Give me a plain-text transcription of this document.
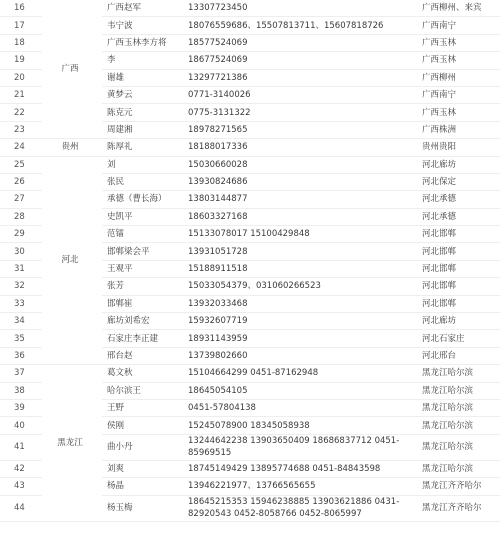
16	广西	广西赵军	13307723450	广西柳州、来宾
17		韦宁波	18076559686、15507813711、15607818726	广西南宁
18		广西玉林李方将	18577524069	广西玉林
19		李	18677524069	广西玉林
20		谢雄	13297721386	广西柳州
21		黄梦云	0771-3140026	广西南宁
22		陈克元	0775-3131322	广西玉林
23		周建湘	18978271565	广西株洲
24	贵州	陈厚礼	18188017336	贵州贵阳
25	河北	刘	15030660028	河北廊坊
26		张民	13930824686	河北保定
27		承德（曹长海）	13803144877	河北承德
28		史凯平	18603327168	河北承德
29		范镭	15133078017 15100429848	河北邯郸
30		邯郸梁会平	13931051728	河北邯郸
31		王观平	15188911518	河北邯郸
32		张芳	15033054379、031060266523	河北邯郸
33		邯郸崔	13932033468	河北邯郸
34		廊坊刘希宏	15932607719	河北廊坊
35		石家庄李正建	18931143959	河北石家庄
36		邢台赵	13739802660	河北邢台
37	黑龙江	葛文秋	15104664299 0451-87162948	黑龙江哈尔滨
38		哈尔滨王	18645054105	黑龙江哈尔滨
39		王野	0451-57804138	黑龙江哈尔滨
40		侯刚	15245078900 18345058938	黑龙江哈尔滨
41		曲小丹	13244642238 13903650409 18686837712 0451-85969515	黑龙江哈尔滨
42		刘爽	18745149429 13895774688 0451-84843598	黑龙江哈尔滨
43		杨晶	13946221977、13766565655	黑龙江齐齐哈尔
44		杨玉梅	18645215353 15946238885 13903621886 0431-82920543 0452-8058766 0452-8065997	黑龙江齐齐哈尔
